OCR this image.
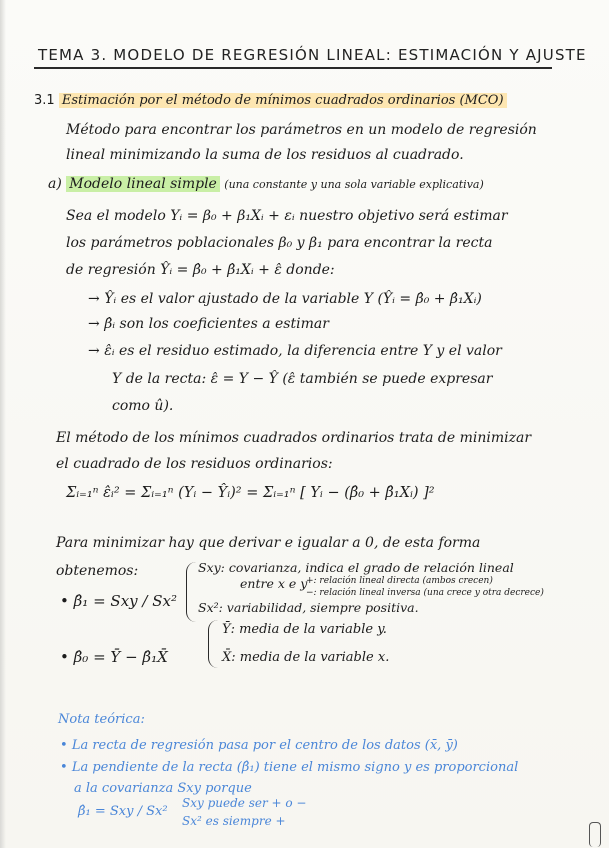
TEMA 3. MODELO DE REGRESIÓN LINEAL: ESTIMACIÓN Y AJUSTE
3.1 Estimación por el método de mínimos cuadrados ordinarios (MCO)
Método para encontrar los parámetros en un modelo de regresión
lineal minimizando la suma de los residuos al cuadrado.
a) Modelo lineal simple (una constante y una sola variable explicativa)
Sea el modelo Yᵢ = β₀ + β₁Xᵢ + εᵢ nuestro objetivo será estimar
los parámetros poblacionales β₀ y β₁ para encontrar la recta
de regresión Ŷᵢ = β̂₀ + β̂₁Xᵢ + ε̂ donde:
→ Ŷᵢ es el valor ajustado de la variable Y (Ŷᵢ = β̂₀ + β̂₁Xᵢ)
→ β̂ᵢ son los coeficientes a estimar
→ ε̂ᵢ es el residuo estimado, la diferencia entre Y y el valor
Y de la recta: ε̂ = Y − Ŷ (ε̂ también se puede expresar
como û).
El método de los mínimos cuadrados ordinarios trata de minimizar
el cuadrado de los residuos ordinarios:
Σᵢ₌₁ⁿ ε̂ᵢ² = Σᵢ₌₁ⁿ (Yᵢ − Ŷᵢ)² = Σᵢ₌₁ⁿ [ Yᵢ − (β̂₀ + β̂₁Xᵢ) ]²
Para minimizar hay que derivar e igualar a 0, de esta forma
obtenemos:
• β̂₁ = Sxy / Sx²
Sxy: covarianza, indica el grado de relación lineal
entre x e y
+: relación lineal directa (ambos crecen)
−: relación lineal inversa (una crece y otra decrece)
Sx²: variabilidad, siempre positiva.
• β̂₀ = Ȳ − β̂₁X̄
Ȳ: media de la variable y.
X̄: media de la variable x.
Nota teórica:
• La recta de regresión pasa por el centro de los datos (x̄, ȳ)
• La pendiente de la recta (β̂₁) tiene el mismo signo y es proporcional
a la covarianza Sxy porque
β̂₁ = Sxy / Sx²
Sxy puede ser + o −
Sx² es siempre +
